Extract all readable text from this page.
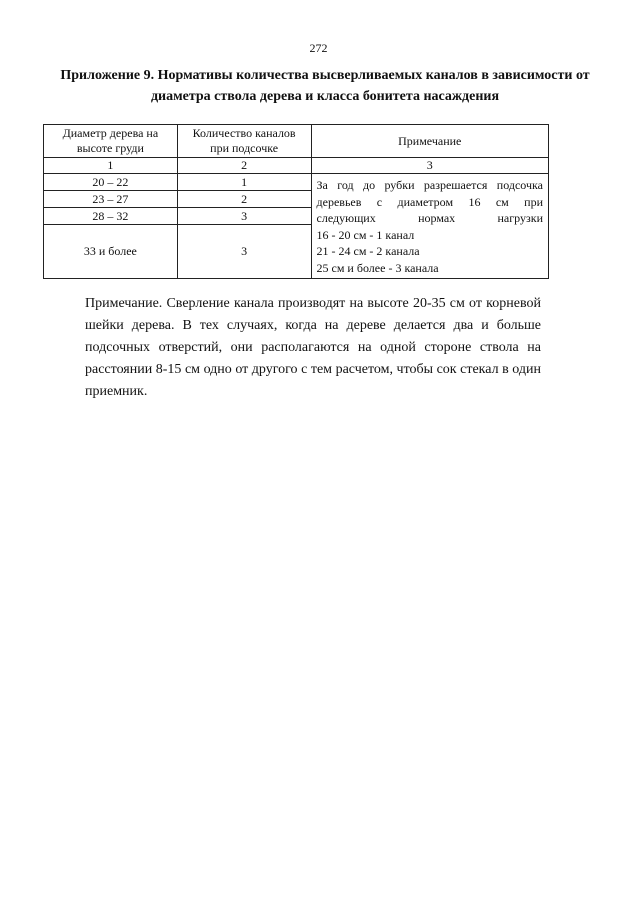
272
Приложение 9. Нормативы количества высверливаемых каналов в зависимости от диаметра ствола дерева и класса бонитета насаждения
Диаметр дерева на высоте груди	Количество каналов при подсочке	Примечание
1	2	3
20 – 22	1	За год до рубки разрешается подсочка деревьев с диаметром 16 см при следующих нормах нагрузки
16 - 20 см - 1 канал
21 - 24 см - 2 канала
25 см и более - 3 канала

23 – 27	2	
28 – 32	3	
33 и более	3	
Примечание. Сверление канала производят на высоте 20-35 см от корневой шейки дерева. В тех случаях, когда на дереве делается два и больше подсочных отверстий, они располагаются на одной стороне ствола на расстоянии 8-15 см одно от другого с тем расчетом, чтобы сок стекал в один приемник.
